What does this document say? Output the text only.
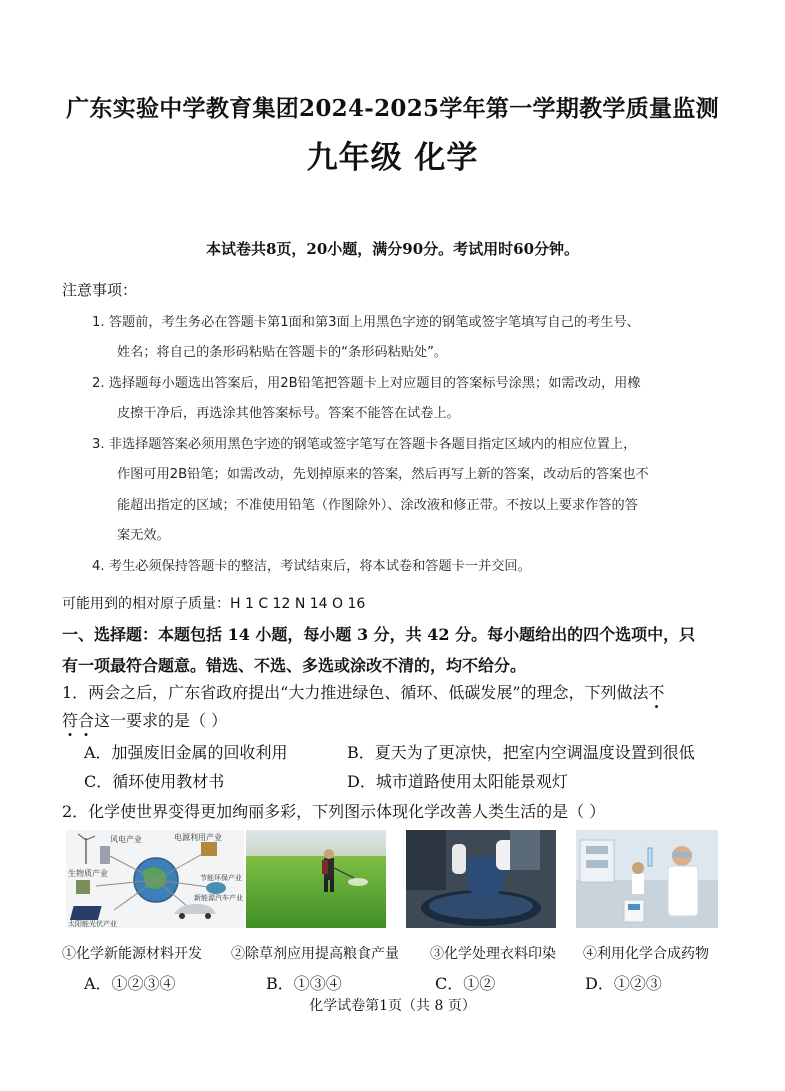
广东实验中学教育集团2024-2025学年第一学期教学质量监测
九年级 化学
本试卷共8页，20小题，满分90分。考试用时60分钟。
注意事项：
1. 答题前，考生务必在答题卡第1面和第3面上用黑色字迹的钢笔或签字笔填写自己的考生号、
姓名；将自己的条形码粘贴在答题卡的“条形码粘贴处”。
2. 选择题每小题选出答案后，用2B铅笔把答题卡上对应题目的答案标号涂黑；如需改动，用橡
皮擦干净后，再选涂其他答案标号。答案不能答在试卷上。
3. 非选择题答案必须用黑色字迹的钢笔或签字笔写在答题卡各题目指定区域内的相应位置上，
作图可用2B铅笔；如需改动，先划掉原来的答案，然后再写上新的答案，改动后的答案也不
能超出指定的区域；不准使用铅笔（作图除外）、涂改液和修正带。不按以上要求作答的答
案无效。
4. 考生必须保持答题卡的整洁，考试结束后，将本试卷和答题卡一并交回。
可能用到的相对原子质量：H 1 C 12 N 14 O 16
一、选择题：本题包括 14 小题，每小题 3 分，共 42 分。每小题给出的四个选项中，只
有一项最符合题意。错选、不选、多选或涂改不清的，均不给分。
1．两会之后，广东省政府提出“大力推进绿色、循环、低碳发展”的理念，下列做法不
符合这一要求的是（ ）
A．加强废旧金属的回收利用	B．夏天为了更凉快，把室内空调温度设置到很低
C．循环使用教材书	D．城市道路使用太阳能景观灯
2．化学使世界变得更加绚丽多彩，下列图示体现化学改善人类生活的是（ ）
风电产业	电源利用产业
生物质产业
新能源汽车产业
太阳能光伏产业
节能环保产业
①化学新能源材料开发 ②除草剂应用提高粮食产量 ③化学处理衣料印染 ④利用化学合成药物
A．①②③④	B．①③④	C．①②	D．①②③
化学试卷第1页（共 8 页）
